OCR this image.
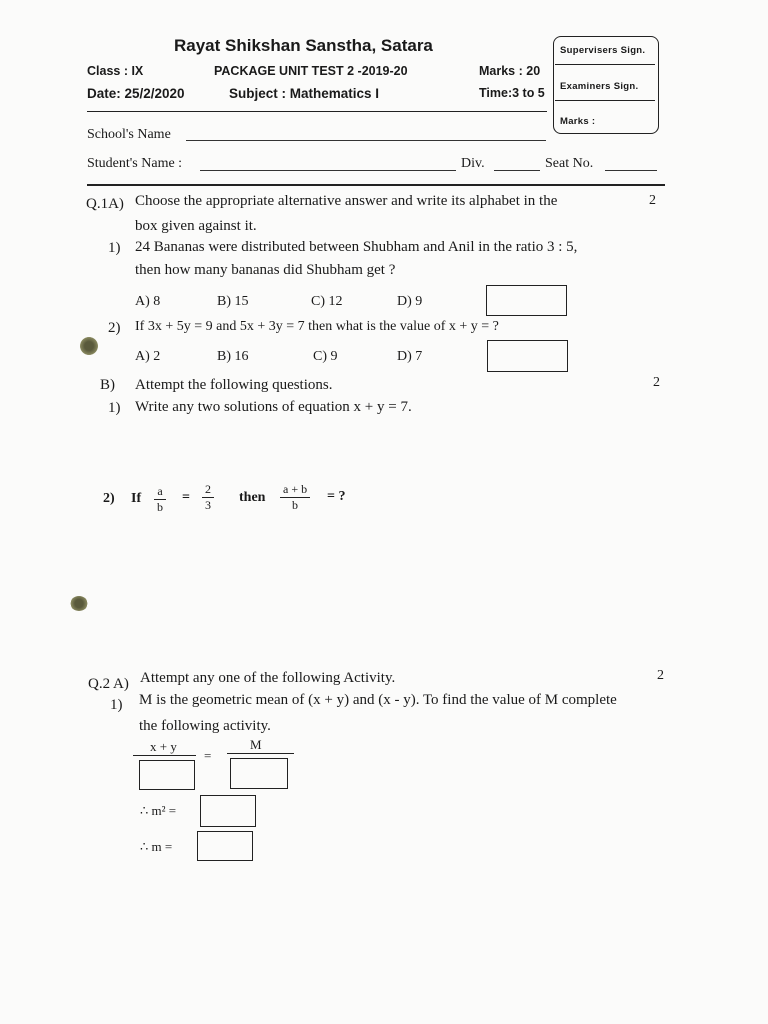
Rayat Shikshan Sanstha, Satara
Class : IX	PACKAGE UNIT TEST 2 -2019-20	Marks : 20
Date: 25/2/2020	Subject : Mathematics I	Time:3 to 5
Supervisers Sign.
Examiners Sign.
Marks :
School's Name
Student's Name :	Div.	Seat No.
Q.1A) Choose the appropriate alternative answer and write its alphabet in the
box given against it.
2
1) 24 Bananas were distributed between Shubham and Anil in the ratio 3 : 5,
then how many bananas did Shubham get ?
A) 8	B) 15	C) 12	D) 9
2) If 3x + 5y = 9 and 5x + 3y = 7 then what is the value of x + y = ?
A) 2	B) 16	C) 9	D) 7
B) Attempt the following questions.	2
1) Write any two solutions of equation x + y = 7.
2) If a
b
=
2
3 then
a + b
b
= ?
Q.2 A) Attempt any one of the following Activity.	2
1) M is the geometric mean of (x + y) and (x - y). To find the value of M complete
the following activity.
x + y
=
M
∴ m² =
∴ m =
